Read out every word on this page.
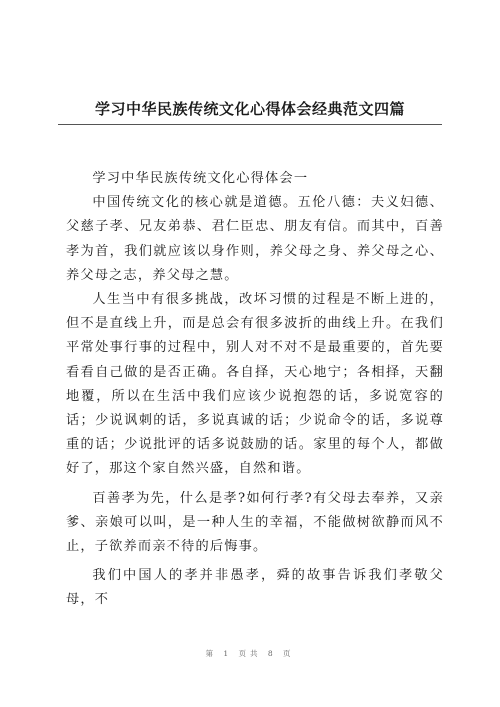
学习中华民族传统文化心得体会经典范文四篇

学习中华民族传统文化心得体会一

中国传统文化的核心就是道德。五伦八德：夫义妇德、父慈子孝、兄友弟恭、君仁臣忠、朋友有信。而其中，百善孝为首，我们就应该以身作则，养父母之身、养父母之心、养父母之志，养父母之慧。

人生当中有很多挑战，改坏习惯的过程是不断上进的，但不是直线上升，而是总会有很多波折的曲线上升。在我们平常处事行事的过程中，别人对不对不是最重要的，首先要看看自己做的是否正确。各自择，天心地宁；各相择，天翻地覆，所以在生活中我们应该少说抱怨的话，多说宽容的话；少说讽刺的话，多说真诚的话；少说命令的话，多说尊重的话；少说批评的话多说鼓励的话。家里的每个人，都做好了，那这个家自然兴盛，自然和谐。

百善孝为先，什么是孝?如何行孝?有父母去奉养，又亲爹、亲娘可以叫，是一种人生的幸福，不能做树欲静而风不止，子欲养而亲不待的后悔事。

我们中国人的孝并非愚孝，舜的故事告诉我们孝敬父母，不

第 1 页共 8 页
